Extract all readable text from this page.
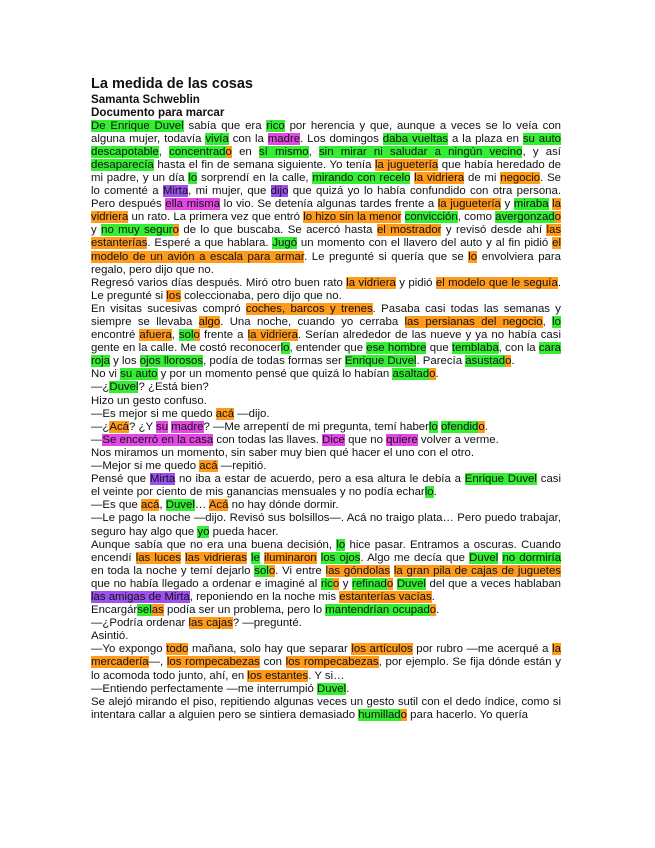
La medida de las cosas
Samanta Schweblin
Documento para marcar
De Enrique Duvel sabía que era rico por herencia y que, aunque a veces se lo veía con alguna mujer, todavía vivía con la madre. Los domingos daba vueltas a la plaza en su auto descapotable, concentrado en sí mismo, sin mirar ni saludar a ningún vecino, y así desaparecía hasta el fin de semana siguiente. Yo tenía la juguetería que había heredado de mi padre, y un día lo sorprendí en la calle, mirando con recelo la vidriera de mi negocio. Se lo comenté a Mirta, mi mujer, que dijo que quizá yo lo había confundido con otra persona. Pero después ella misma lo vio. Se detenía algunas tardes frente a la juguetería y miraba la vidriera un rato. La primera vez que entró lo hizo sin la menor convicción, como avergonzado y no muy seguro de lo que buscaba. Se acercó hasta el mostrador y revisó desde ahí las estanterías. Esperé a que hablara. Jugó un momento con el llavero del auto y al fin pidió el modelo de un avión a escala para armar. Le pregunté si quería que se lo envolviera para regalo, pero dijo que no.
Regresó varios días después. Miró otro buen rato la vidriera y pidió el modelo que le seguía. Le pregunté si los coleccionaba, pero dijo que no.
En visitas sucesivas compró coches, barcos y trenes. Pasaba casi todas las semanas y siempre se llevaba algo. Una noche, cuando yo cerraba las persianas del negocio, lo encontré afuera, solo frente a la vidriera. Serían alrededor de las nueve y ya no había casi gente en la calle. Me costó reconocerlo, entender que ese hombre que temblaba, con la cara roja y los ojos llorosos, podía de todas formas ser Enrique Duvel. Parecía asustado.
No vi su auto y por un momento pensé que quizá lo habían asaltado.
—¿Duvel? ¿Está bien?
Hizo un gesto confuso.
—Es mejor si me quedo acá —dijo.
—¿Acá? ¿Y su madre? —Me arrepentí de mi pregunta, temí haberlo ofendido.
—Se encerró en la casa con todas las llaves. Dice que no quiere volver a verme.
Nos miramos un momento, sin saber muy bien qué hacer el uno con el otro.
—Mejor si me quedo acá —repitió.
Pensé que Mirta no iba a estar de acuerdo, pero a esa altura le debía a Enrique Duvel casi el veinte por ciento de mis ganancias mensuales y no podía echarlo.
—Es que acá, Duvel… Acá no hay dónde dormir.
—Le pago la noche —dijo. Revisó sus bolsillos—. Acá no traigo plata… Pero puedo trabajar, seguro hay algo que yo pueda hacer.
Aunque sabía que no era una buena decisión, lo hice pasar. Entramos a oscuras. Cuando encendí las luces las vidrieras le iluminaron los ojos. Algo me decía que Duvel no dormiría en toda la noche y temí dejarlo solo. Vi entre las góndolas la gran pila de cajas de juguetes que no había llegado a ordenar e imaginé al rico y refinado Duvel del que a veces hablaban las amigas de Mirta, reponiendo en la noche mis estanterías vacías.
Encargárselas podía ser un problema, pero lo mantendrían ocupado.
—¿Podría ordenar las cajas? —pregunté.
Asintió.
—Yo expongo todo mañana, solo hay que separar los artículos por rubro —me acerqué a la mercadería—, los rompecabezas con los rompecabezas, por ejemplo. Se fija dónde están y lo acomoda todo junto, ahí, en los estantes. Y si…
—Entiendo perfectamente —me interrumpió Duvel.
Se alejó mirando el piso, repitiendo algunas veces un gesto sutil con el dedo índice, como si intentara callar a alguien pero se sintiera demasiado humillado para hacerlo. Yo quería
